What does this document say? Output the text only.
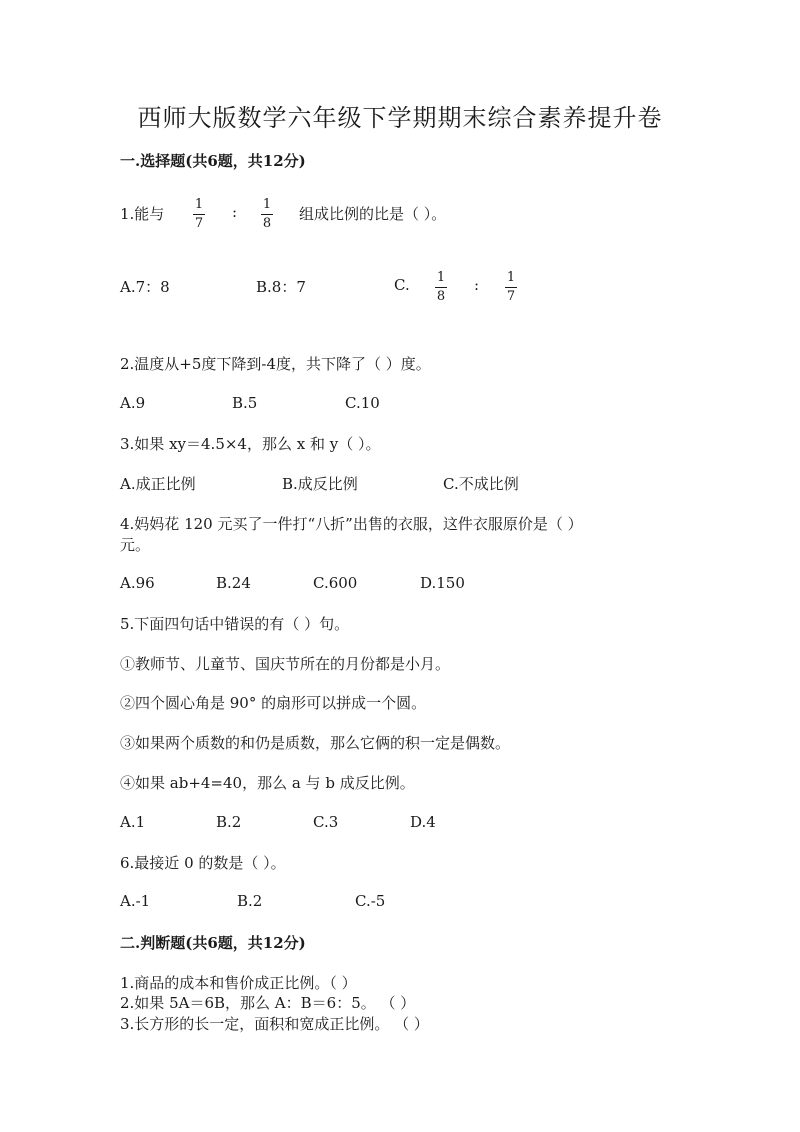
西师大版数学六年级下学期期末综合素养提升卷
一.选择题(共6题，共12分)
1.能与
1
7
: 1
8
组成比例的比是（ ）。
A.7：8	B.8：7	C. 1
8
: 1
7
2.温度从+5度下降到-4度，共下降了（ ）度。
A.9	B.5	C.10
3.如果 xy＝4.5×4，那么 x 和 y（ ）。
A.成正比例	B.成反比例	C.不成比例
4.妈妈花 120 元买了一件打“八折”出售的衣服，这件衣服原价是（ ）
元。
A.96	B.24	C.600	D.150
5.下面四句话中错误的有（ ）句。
①教师节、儿童节、国庆节所在的月份都是小月。
②四个圆心角是 90° 的扇形可以拼成一个圆。
③如果两个质数的和仍是质数，那么它俩的积一定是偶数。
④如果 ab+4=40，那么 a 与 b 成反比例。
A.1	B.2	C.3	D.4
6.最接近 0 的数是（ ）。
A.-1	B.2	C.-5
二.判断题(共6题，共12分)
1.商品的成本和售价成正比例。（ ）
2.如果 5A＝6B，那么 A：B＝6：5。 （ ）
3.长方形的长一定，面积和宽成正比例。 （ ）
